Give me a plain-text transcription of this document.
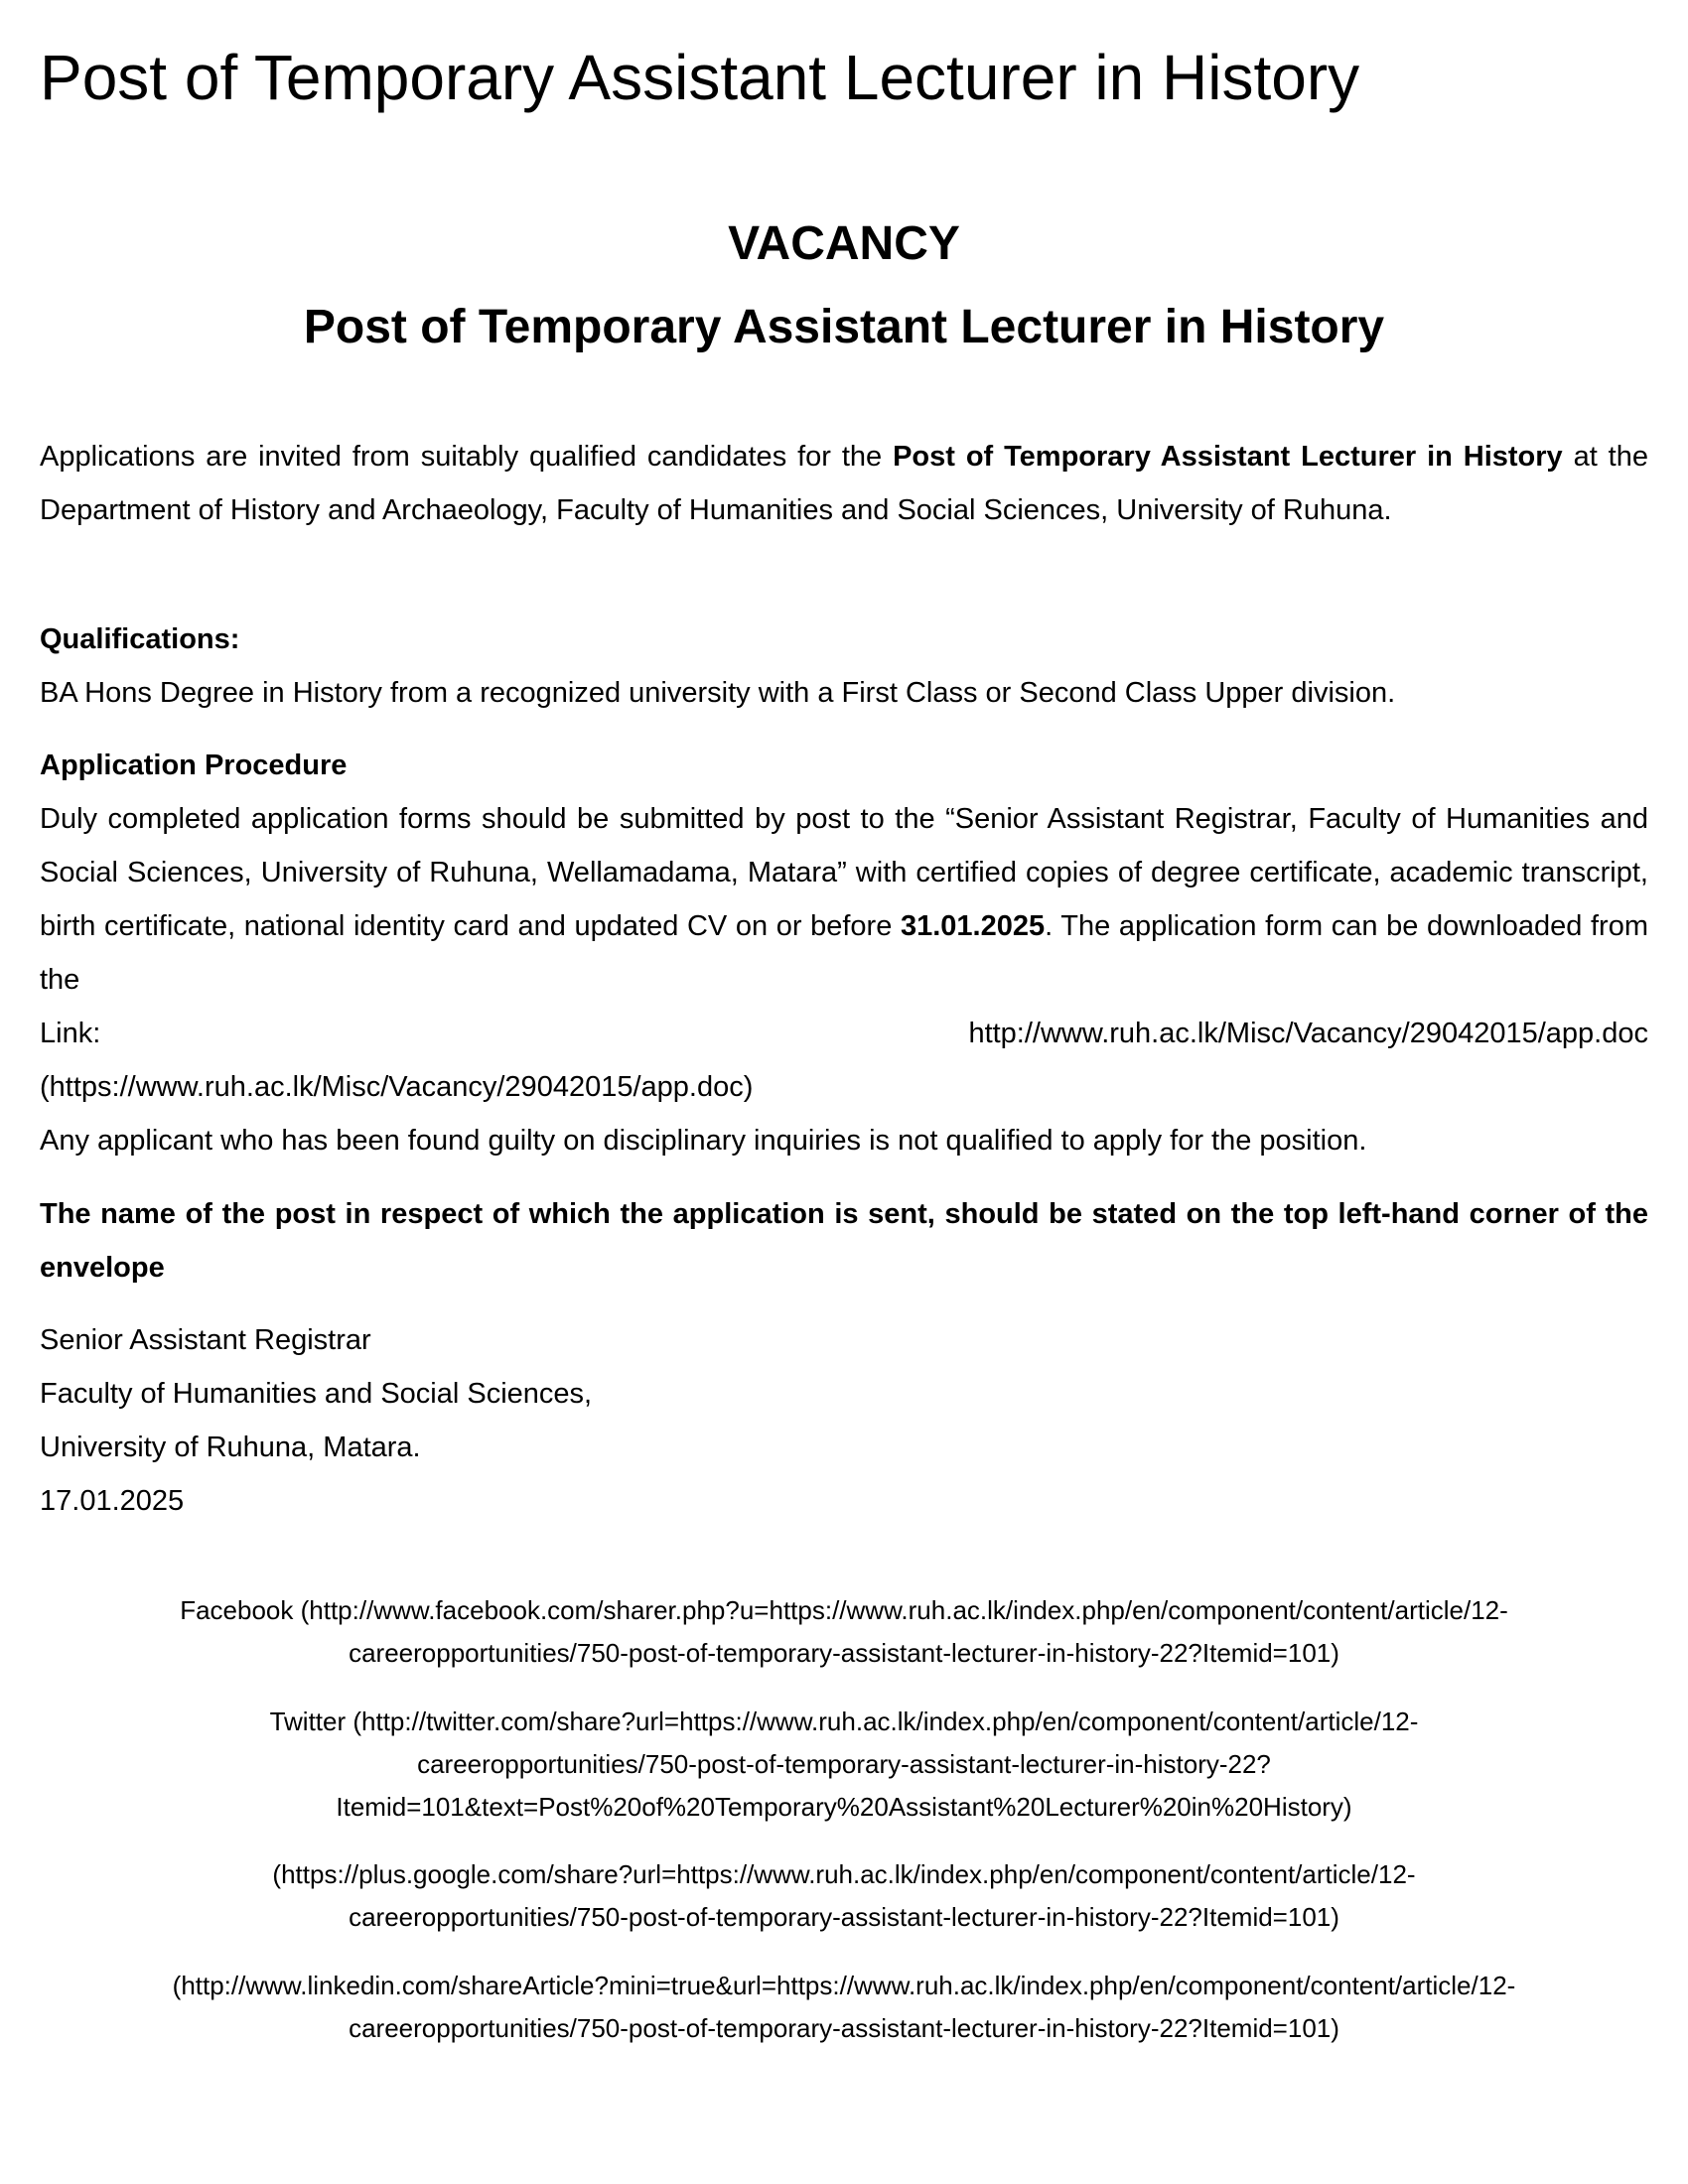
Post of Temporary Assistant Lecturer in History
VACANCY
Post of Temporary Assistant Lecturer in History

Applications are invited from suitably qualified candidates for the Post of Temporary Assistant Lecturer in History at the Department of History and Archaeology, Faculty of Humanities and Social Sciences, University of Ruhuna.

Qualifications:
BA Hons Degree in History from a recognized university with a First Class or Second Class Upper division.
Application Procedure
Duly completed application forms should be submitted by post to the “Senior Assistant Registrar, Faculty of Humanities and Social Sciences, University of Ruhuna, Wellamadama, Matara” with certified copies of degree certificate, academic transcript, birth certificate, national identity card and updated CV on or before 31.01.2025. The application form can be downloaded from the
Link:	http://www.ruh.ac.lk/Misc/Vacancy/29042015/app.doc
(https://www.ruh.ac.lk/Misc/Vacancy/29042015/app.doc)
Any applicant who has been found guilty on disciplinary inquiries is not qualified to apply for the position.

The name of the post in respect of which the application is sent, should be stated on the top left-hand corner of the envelope

Senior Assistant Registrar
Faculty of Humanities and Social Sciences,
University of Ruhuna, Matara.
17.01.2025

Facebook (http://www.facebook.com/sharer.php?u=https://www.ruh.ac.lk/index.php/en/component/content/article/12-
careeropportunities/750-post-of-temporary-assistant-lecturer-in-history-22?Itemid=101)

Twitter (http://twitter.com/share?url=https://www.ruh.ac.lk/index.php/en/component/content/article/12-
careeropportunities/750-post-of-temporary-assistant-lecturer-in-history-22?
Itemid=101&text=Post%20of%20Temporary%20Assistant%20Lecturer%20in%20History)

(https://plus.google.com/share?url=https://www.ruh.ac.lk/index.php/en/component/content/article/12-
careeropportunities/750-post-of-temporary-assistant-lecturer-in-history-22?Itemid=101)

(http://www.linkedin.com/shareArticle?mini=true&url=https://www.ruh.ac.lk/index.php/en/component/content/article/12-
careeropportunities/750-post-of-temporary-assistant-lecturer-in-history-22?Itemid=101)
